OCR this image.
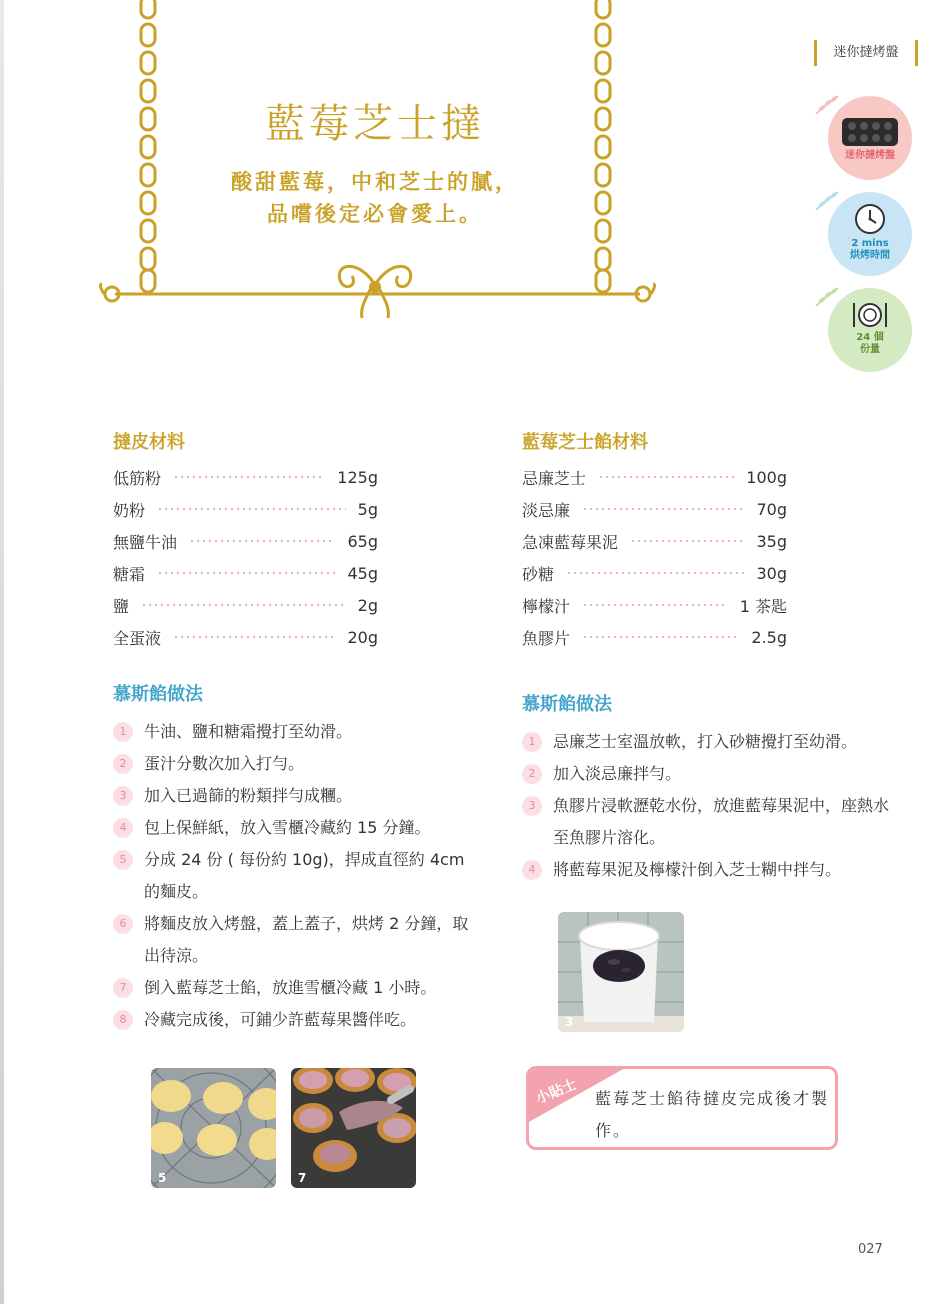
藍莓芝士撻
酸甜藍莓，中和芝士的膩，
品嚐後定必會愛上。
迷你撻烤盤
迷你撻烤盤
2 mins
烘烤時間
24 個
份量
撻皮材料
低筋粉	125g
奶粉	5g
無鹽牛油	65g
糖霜	45g
鹽	2g
全蛋液	20g
藍莓芝士餡材料
忌廉芝士	100g
淡忌廉	70g
急凍藍莓果泥	35g
砂糖	30g
檸檬汁	1 茶匙
魚膠片	2.5g
慕斯餡做法
1	牛油、鹽和糖霜攪打至幼滑。
2	蛋汁分數次加入打勻。
3	加入已過篩的粉類拌勻成糰。
4	包上保鮮紙，放入雪櫃冷藏約 15 分鐘。
5	分成 24 份 ( 每份約 10g)，捍成直徑約 4cm 的麵皮。
6	將麵皮放入烤盤，蓋上蓋子，烘烤 2 分鐘，取出待涼。
7	倒入藍莓芝士餡，放進雪櫃冷藏 1 小時。
8	冷藏完成後，可鋪少許藍莓果醬伴吃。
慕斯餡做法
1	忌廉芝士室溫放軟，打入砂糖攪打至幼滑。
2	加入淡忌廉拌勻。
3	魚膠片浸軟瀝乾水份，放進藍莓果泥中，座熱水至魚膠片溶化。
4	將藍莓果泥及檸檬汁倒入芝士糊中拌勻。
3
5	7
小貼士 藍莓芝士餡待撻皮完成後才製作。
027
